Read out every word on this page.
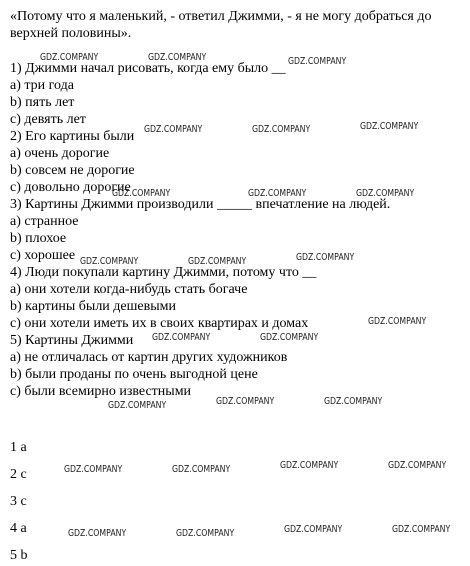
«Потому что я маленький, - ответил Джимми, - я не могу добраться до верхней половины».
1) Джимми начал рисовать, когда ему было __
a) три года
b) пять лет
c) девять лет
2) Его картины были
a) очень дорогие
b) совсем не дорогие
c) довольно дорогие
3) Картины Джимми производили _____ впечатление на людей.
a) странное
b) плохое
c) хорошее
4) Люди покупали картину Джимми, потому что __
a) они хотели когда-нибудь стать богаче
b) картины были дешевыми
c) они хотели иметь их в своих квартирах и домах
5) Картины Джимми
a) не отличалась от картин других художников
b) были проданы по очень выгодной цене
c) были всемирно известными
1 a
2 c
3 c
4 a
5 b
GDZ.COMPANY	GDZ.COMPANY	GDZ.COMPANY
GDZ.COMPANY	GDZ.COMPANY	GDZ.COMPANY
GDZ.COMPANY	GDZ.COMPANY	GDZ.COMPANY
GDZ.COMPANY	GDZ.COMPANY	GDZ.COMPANY
GDZ.COMPANY
GDZ.COMPANY	GDZ.COMPANY
GDZ.COMPANY	GDZ.COMPANY	GDZ.COMPANY
GDZ.COMPANY	GDZ.COMPANY	GDZ.COMPANY	GDZ.COMPANY
GDZ.COMPANY	GDZ.COMPANY	GDZ.COMPANY	GDZ.COMPANY
